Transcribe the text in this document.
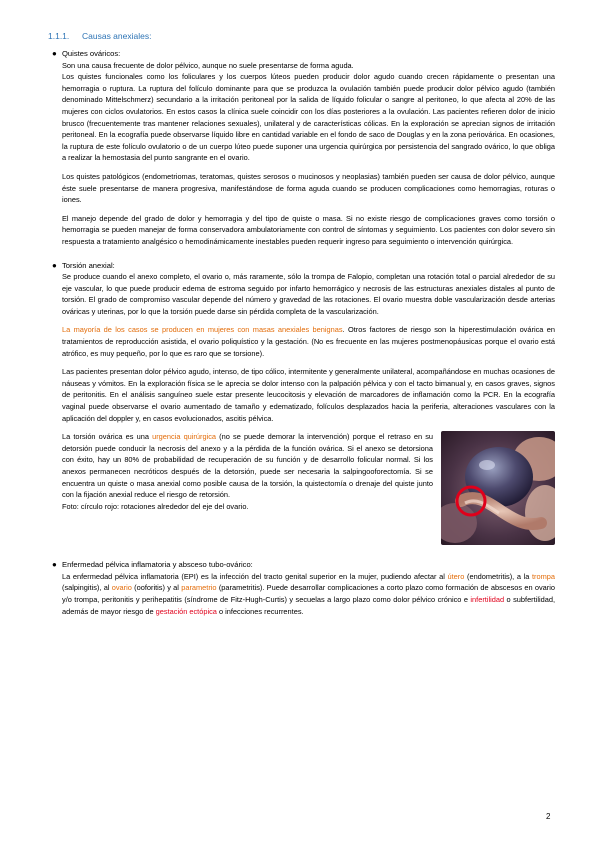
1.1.1. Causas anexiales:

● Quistes ováricos:

Son una causa frecuente de dolor pélvico, aunque no suele presentarse de forma aguda.

Los quistes funcionales como los foliculares y los cuerpos lúteos pueden producir dolor agudo cuando crecen rápidamente o presentan una hemorragia o ruptura. La ruptura del folículo dominante para que se produzca la ovulación también puede producir dolor pélvico agudo (también denominado Mittelschmerz) secundario a la irritación peritoneal por la salida de líquido folicular o sangre al peritoneo, lo que afecta al 20% de las mujeres con ciclos ovulatorios. En estos casos la clínica suele coincidir con los días posteriores a la ovulación. Las pacientes refieren dolor de inicio brusco (frecuentemente tras mantener relaciones sexuales), unilateral y de características cólicas. En la exploración se aprecian signos de irritación peritoneal. En la ecografía puede observarse líquido libre en cantidad variable en el fondo de saco de Douglas y en la zona periovárica. En ocasiones, la ruptura de este folículo ovulatorio o de un cuerpo lúteo puede suponer una urgencia quirúrgica por persistencia del sangrado ovárico, lo que obliga a realizar la hemostasia del punto sangrante en el ovario.

Los quistes patológicos (endometriomas, teratomas, quistes serosos o mucinosos y neoplasias) también pueden ser causa de dolor pélvico, aunque éste suele presentarse de manera progresiva, manifestándose de forma aguda cuando se producen complicaciones como hemorragias, roturas o iones.

El manejo depende del grado de dolor y hemorragia y del tipo de quiste o masa. Si no existe riesgo de complicaciones graves como torsión o hemorragia se pueden manejar de forma conservadora ambulatoriamente con control de síntomas y seguimiento. Los pacientes con dolor severo sin respuesta a tratamiento analgésico o hemodinámicamente inestables pueden requerir ingreso para seguimiento o intervención quirúrgica.

● Torsión anexial:

Se produce cuando el anexo completo, el ovario o, más raramente, sólo la trompa de Falopio, completan una rotación total o parcial alrededor de su eje vascular, lo que puede producir edema de estroma seguido por infarto hemorrágico y necrosis de las estructuras anexiales distales al punto de torsión. El grado de compromiso vascular depende del número y gravedad de las rotaciones. El ovario muestra doble vascularización desde arterias ováricas y uterinas, por lo que la torsión puede darse sin pérdida completa de la vascularización.

La mayoría de los casos se producen en mujeres con masas anexiales benignas. Otros factores de riesgo son la hiperestimulación ovárica en tratamientos de reproducción asistida, el ovario poliquístico y la gestación. (No es frecuente en las mujeres postmenopáusicas porque el ovario está atrófico, es muy pequeño, por lo que es raro que se torsione).

Las pacientes presentan dolor pélvico agudo, intenso, de tipo cólico, intermitente y generalmente unilateral, acompañándose en muchas ocasiones de náuseas y vómitos. En la exploración física se le aprecia se dolor intenso con la palpación pélvica y con el tacto bimanual y, en casos graves, signos de peritonitis. En el análisis sanguíneo suele estar presente leucocitosis y elevación de marcadores de inflamación como la PCR. En la ecografía vaginal puede observarse el ovario aumentado de tamaño y edematizado, folículos desplazados hacia la periferia, alteraciones vasculares con la aplicación del doppler y, en casos evolucionados, ascitis pélvica.

La torsión ovárica es una urgencia quirúrgica (no se puede demorar la intervención) porque el retraso en su detorsión puede conducir la necrosis del anexo y a la pérdida de la función ovárica. Si el anexo se detorsiona con éxito, hay un 80% de probabilidad de recuperación de su función y de desarrollo folicular normal. Si los anexos permanecen necróticos después de la detorsión, puede ser necesaria la salpingooforectomía. Si se encuentra un quiste o masa anexial como posible causa de la torsión, la quistectomía o drenaje del quiste junto con la fijación anexial reduce el riesgo de retorsión.

Foto: círculo rojo: rotaciones alrededor del eje del ovario.

● Enfermedad pélvica inflamatoria y absceso tubo-ovárico:

La enfermedad pélvica inflamatoria (EPI) es la infección del tracto genital superior en la mujer, pudiendo afectar al útero (endometritis), a la trompa (salpingitis), al ovario (ooforitis) y al parametrio (parametritis). Puede desarrollar complicaciones a corto plazo como formación de abscesos en ovario y/o trompa, peritonitis y perihepatitis (síndrome de Fitz-Hugh-Curtis) y secuelas a largo plazo como dolor pélvico crónico e infertilidad o subfertilidad, además de mayor riesgo de gestación ectópica o infecciones recurrentes.

2
